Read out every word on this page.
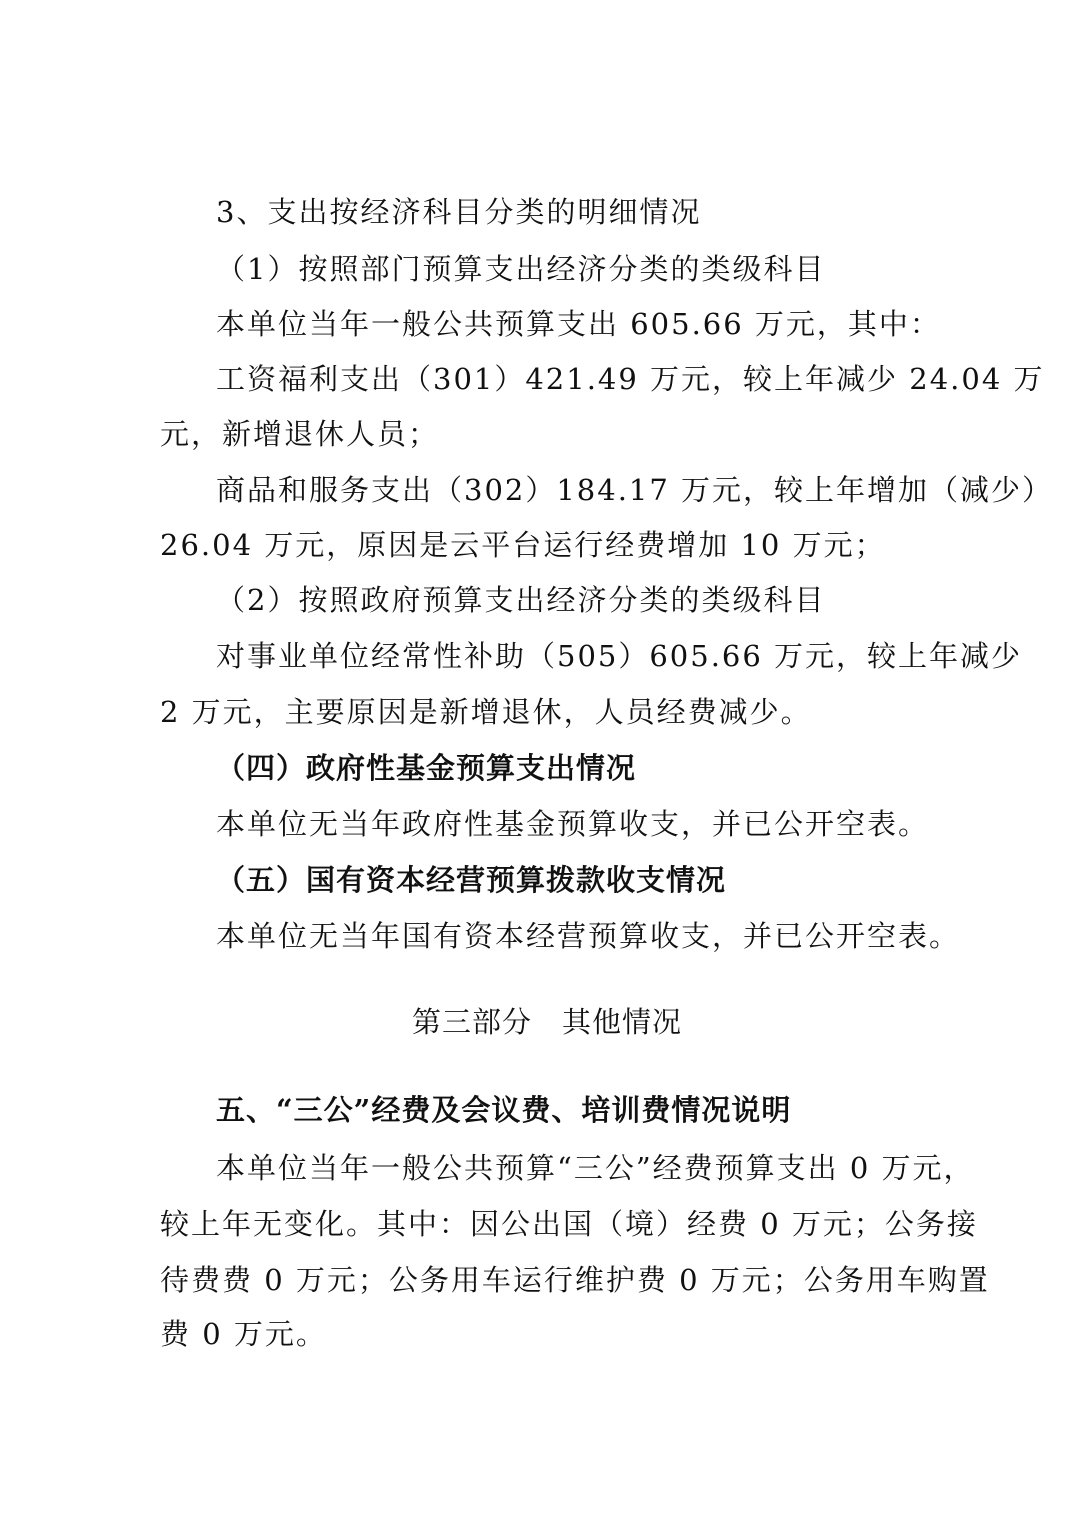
3、支出按经济科目分类的明细情况
（1）按照部门预算支出经济分类的类级科目
本单位当年一般公共预算支出 605.66 万元，其中：
工资福利支出（301）421.49 万元，较上年减少 24.04 万
元，新增退休人员；
商品和服务支出（302）184.17 万元，较上年增加（减少）
26.04 万元，原因是云平台运行经费增加 10 万元；
（2）按照政府预算支出经济分类的类级科目
对事业单位经常性补助（505）605.66 万元，较上年减少
2 万元，主要原因是新增退休，人员经费减少。
（四）政府性基金预算支出情况
本单位无当年政府性基金预算收支，并已公开空表。
（五）国有资本经营预算拨款收支情况
本单位无当年国有资本经营预算收支，并已公开空表。
第三部分　其他情况
五、“三公”经费及会议费、培训费情况说明
本单位当年一般公共预算“三公”经费预算支出 0 万元，
较上年无变化。其中：因公出国（境）经费 0 万元；公务接
待费费 0 万元；公务用车运行维护费 0 万元；公务用车购置
费 0 万元。
